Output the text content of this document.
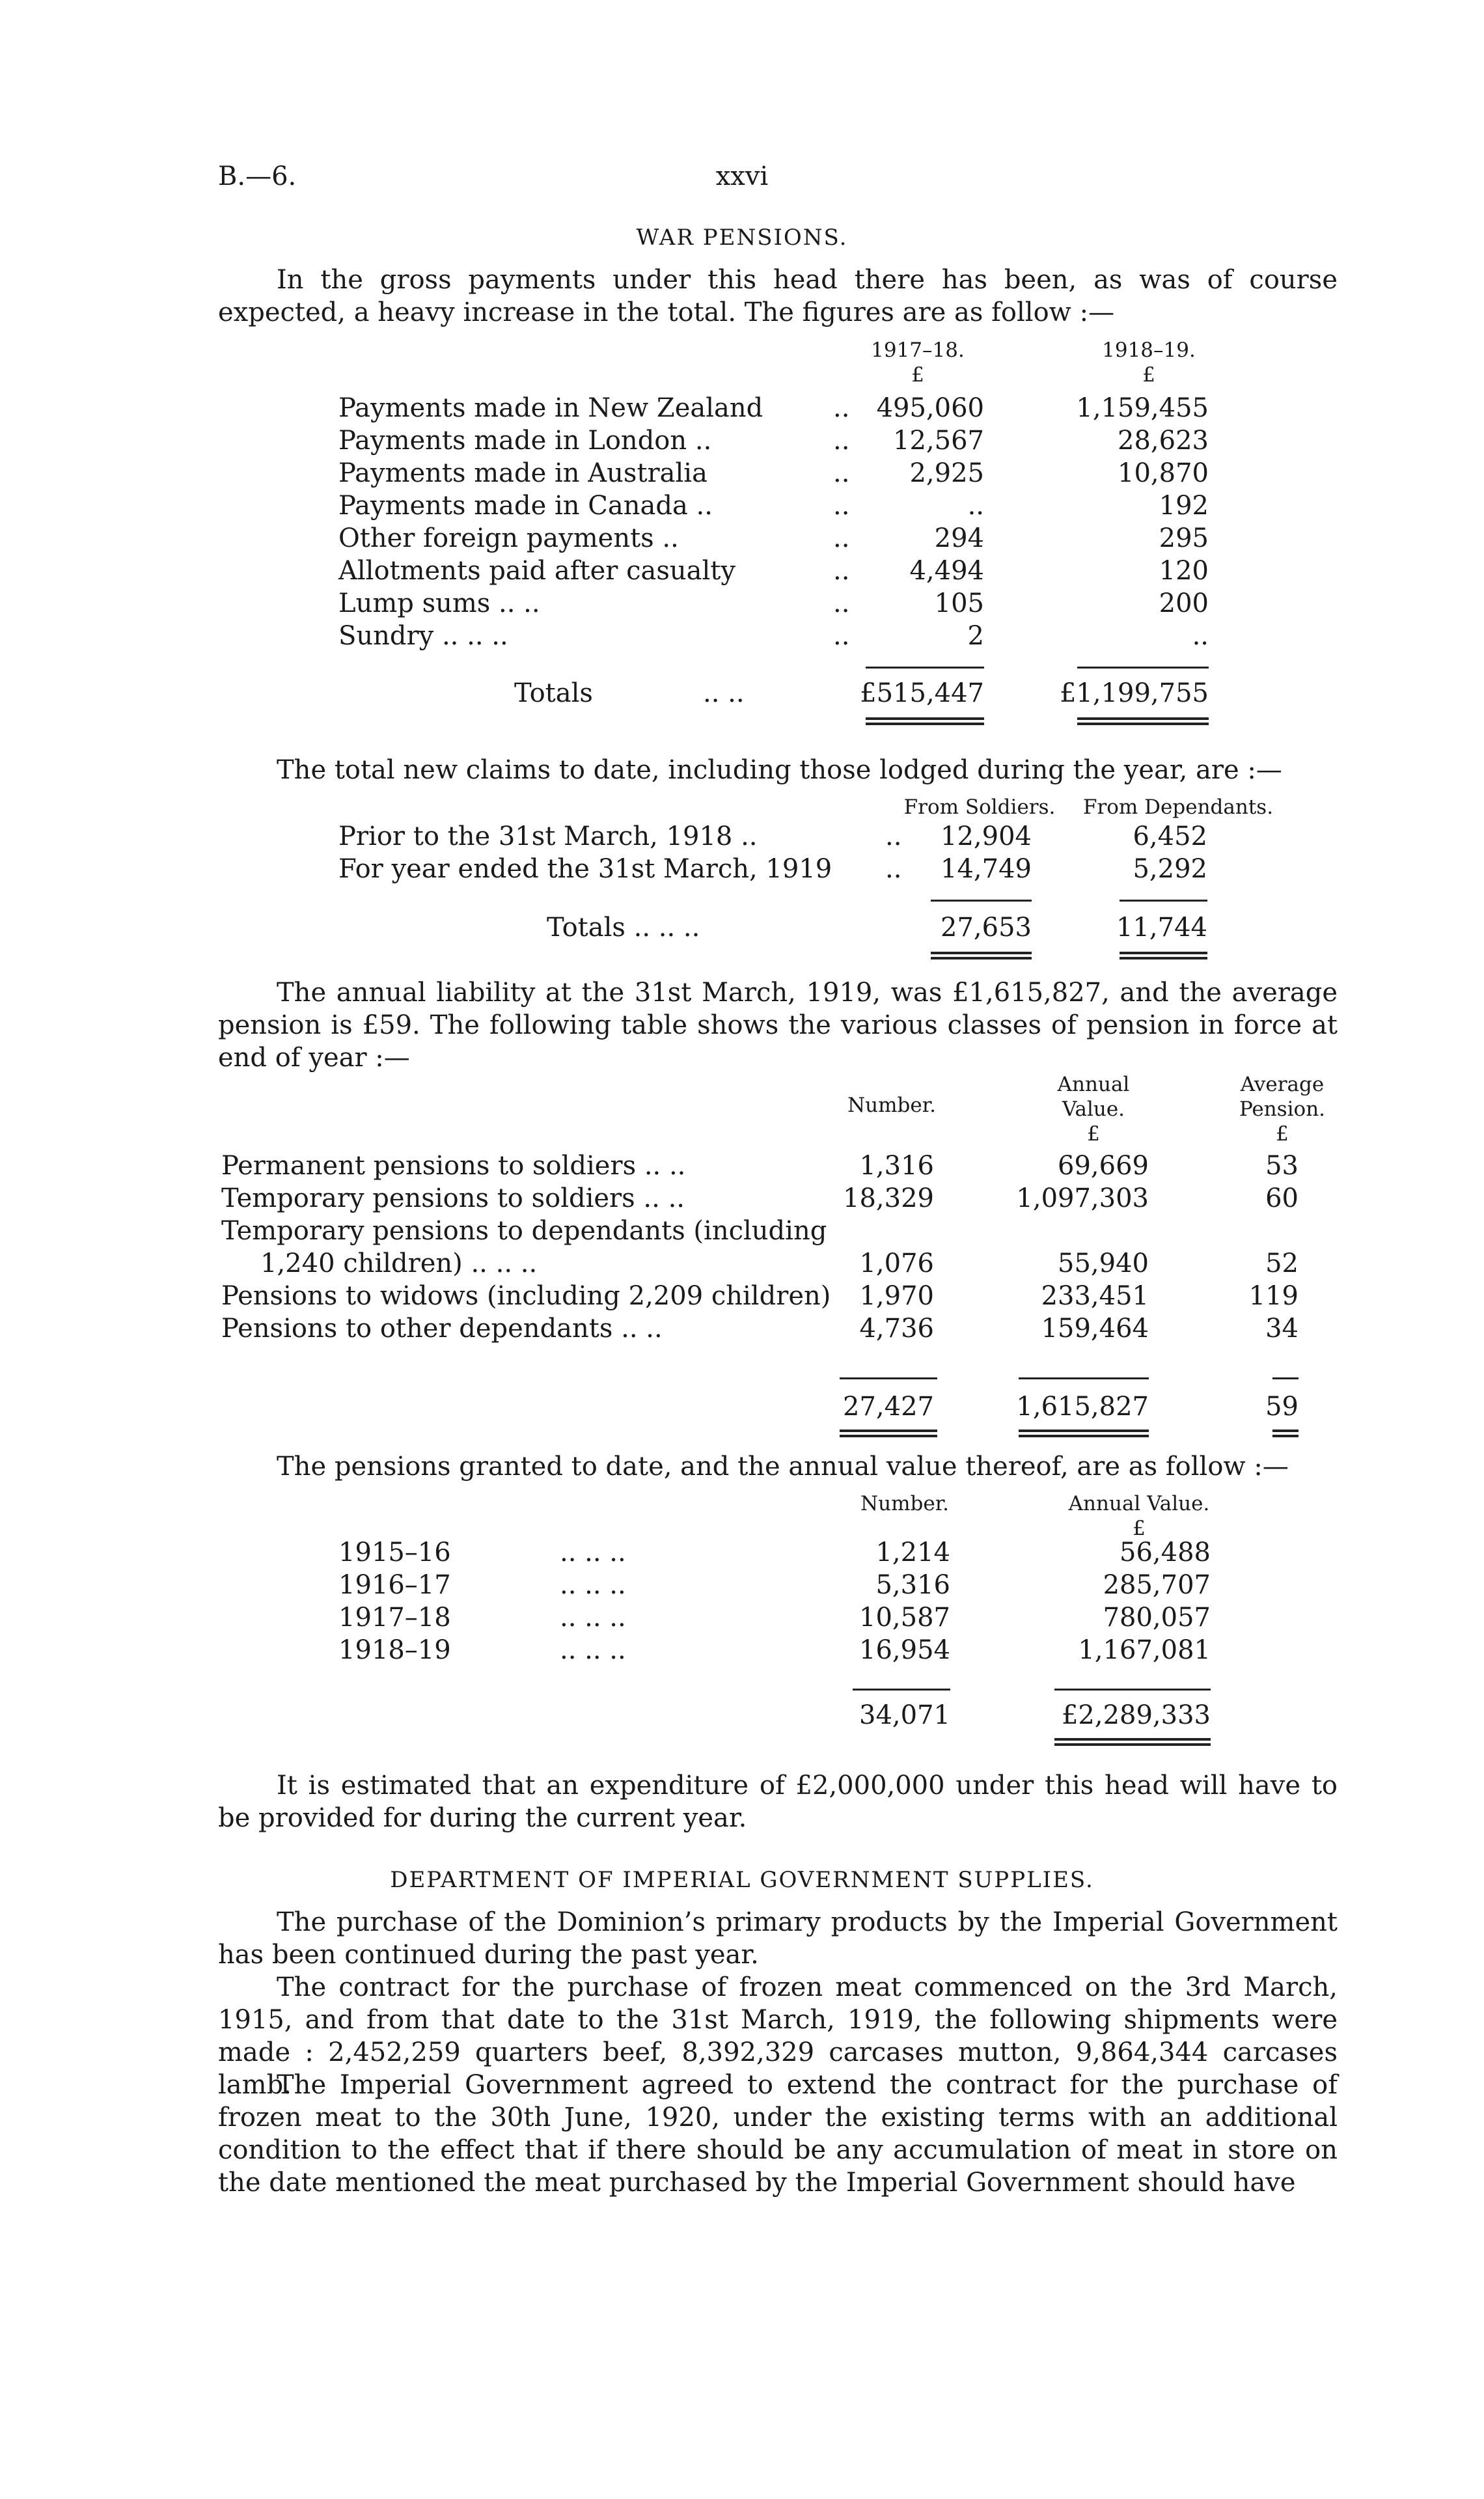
B.—6.	xxvi
WAR PENSIONS.
In the gross payments under this head there has been, as was of course expected, a heavy increase in the total. The figures are as follow :—
1917–18.	1918–19.
£	£
Payments made in New Zealand	..	495,060	1,159,455
Payments made in London ..	..	12,567	28,623
Payments made in Australia	..	2,925	10,870
Payments made in Canada ..	..	..	192
Other foreign payments ..	..	294	295
Allotments paid after casualty	..	4,494	120
Lump sums .. ..	..	105	200
Sundry .. .. ..	..	2	..
Totals	.. ..	£515,447	£1,199,755
The total new claims to date, including those lodged during the year, are :—
From Soldiers.	From Dependants.
Prior to the 31st March, 1918 ..	..	12,904	6,452
For year ended the 31st March, 1919 ..	14,749	5,292
Totals .. .. ..	27,653	11,744
The annual liability at the 31st March, 1919, was £1,615,827, and the average pension is £59. The following table shows the various classes of pension in force at end of year :—
Number.
Annual
Value.
£
Average
Pension.
£
Permanent pensions to soldiers .. ..	1,316	69,669	53
Temporary pensions to soldiers .. ..	18,329	1,097,303	60
Temporary pensions to dependants (including
1,240 children) .. .. ..	1,076	55,940	52
Pensions to widows (including 2,209 children)	1,970	233,451	119
Pensions to other dependants .. ..	4,736	159,464	34
27,427	1,615,827	59
The pensions granted to date, and the annual value thereof, are as follow :—
Number.	Annual Value.
£
1915–16	.. .. ..	1,214	56,488
1916–17	.. .. ..	5,316	285,707
1917–18	.. .. ..	10,587	780,057
1918–19	.. .. ..	16,954	1,167,081
34,071	£2,289,333
It is estimated that an expenditure of £2,000,000 under this head will have to be provided for during the current year.
DEPARTMENT OF IMPERIAL GOVERNMENT SUPPLIES.
The purchase of the Dominion’s primary products by the Imperial Government has been continued during the past year.
The contract for the purchase of frozen meat commenced on the 3rd March, 1915, and from that date to the 31st March, 1919, the following shipments were made : 2,452,259 quarters beef, 8,392,329 carcases mutton, 9,864,344 carcases lamb.
The Imperial Government agreed to extend the contract for the purchase of frozen meat to the 30th June, 1920, under the existing terms with an additional condition to the effect that if there should be any accumulation of meat in store on the date mentioned the meat purchased by the Imperial Government should have
